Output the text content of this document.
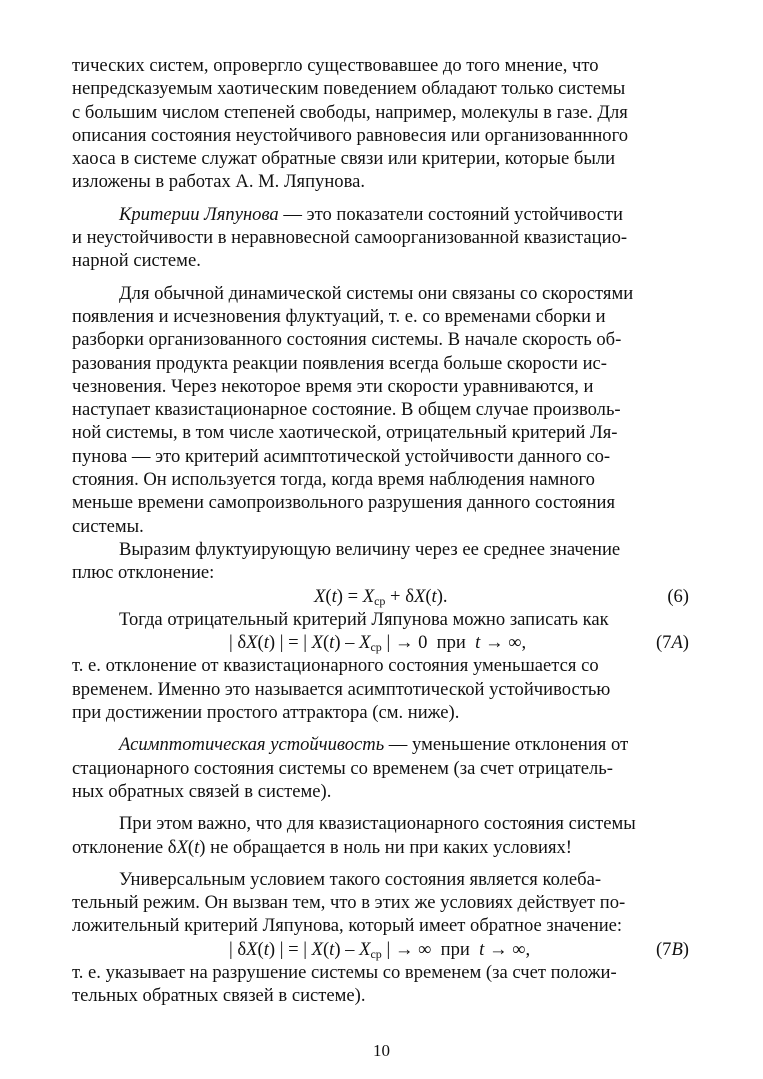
тических систем, опровергло существовавшее до того мнение, что

непредсказуемым хаотическим поведением обладают только системы

с большим числом степеней свободы, например, молекулы в газе. Для

описания состояния неустойчивого равновесия или организованнного

хаоса в системе служат обратные связи или критерии, которые были

изложены в работах А. М. Ляпунова.

Критерии Ляпунова — это показатели состояний устойчивости

и неустойчивости в неравновесной самоорганизованной квазистацио-

нарной системе.

Для обычной динамической системы они связаны со скоростями

появления и исчезновения флуктуаций, т. е. со временами сборки и

разборки организованного состояния системы. В начале скорость об-

разования продукта реакции появления всегда больше скорости ис-

чезновения. Через некоторое время эти скорости уравниваются, и

наступает квазистационарное состояние. В общем случае произволь-

ной системы, в том числе хаотической, отрицательный критерий Ля-

пунова — это критерий асимптотической устойчивости данного со-

стояния. Он используется тогда, когда время наблюдения намного

меньше времени самопроизвольного разрушения данного состояния

системы.

Выразим флуктуирующую величину через ее среднее значение

плюс отклонение:

$X(t) = X_{ср} + \delta X(t)$.	(6)

Тогда отрицательный критерий Ляпунова можно записать как

| δX(t) | = | $X(t) - X_{ср}$ | → 0  при  t → ∞,	(7A)

т. е. отклонение от квазистационарного состояния уменьшается со

временем. Именно это называется асимптотической устойчивостью

при достижении простого аттрактора (см. ниже).

Асимптотическая устойчивость — уменьшение отклонения от

стационарного состояния системы со временем (за счет отрицатель-

ных обратных связей в системе).

При этом важно, что для квазистационарного состояния системы

отклонение δX(t) не обращается в ноль ни при каких условиях!

Универсальным условием такого состояния является колеба-

тельный режим. Он вызван тем, что в этих же условиях действует по-

ложительный критерий Ляпунова, который имеет обратное значение:

| δX(t) | = | $X(t) - X_{ср}$ | → ∞  при  t → ∞,	(7B)

т. е. указывает на разрушение системы со временем (за счет положи-

тельных обратных связей в системе).

10
